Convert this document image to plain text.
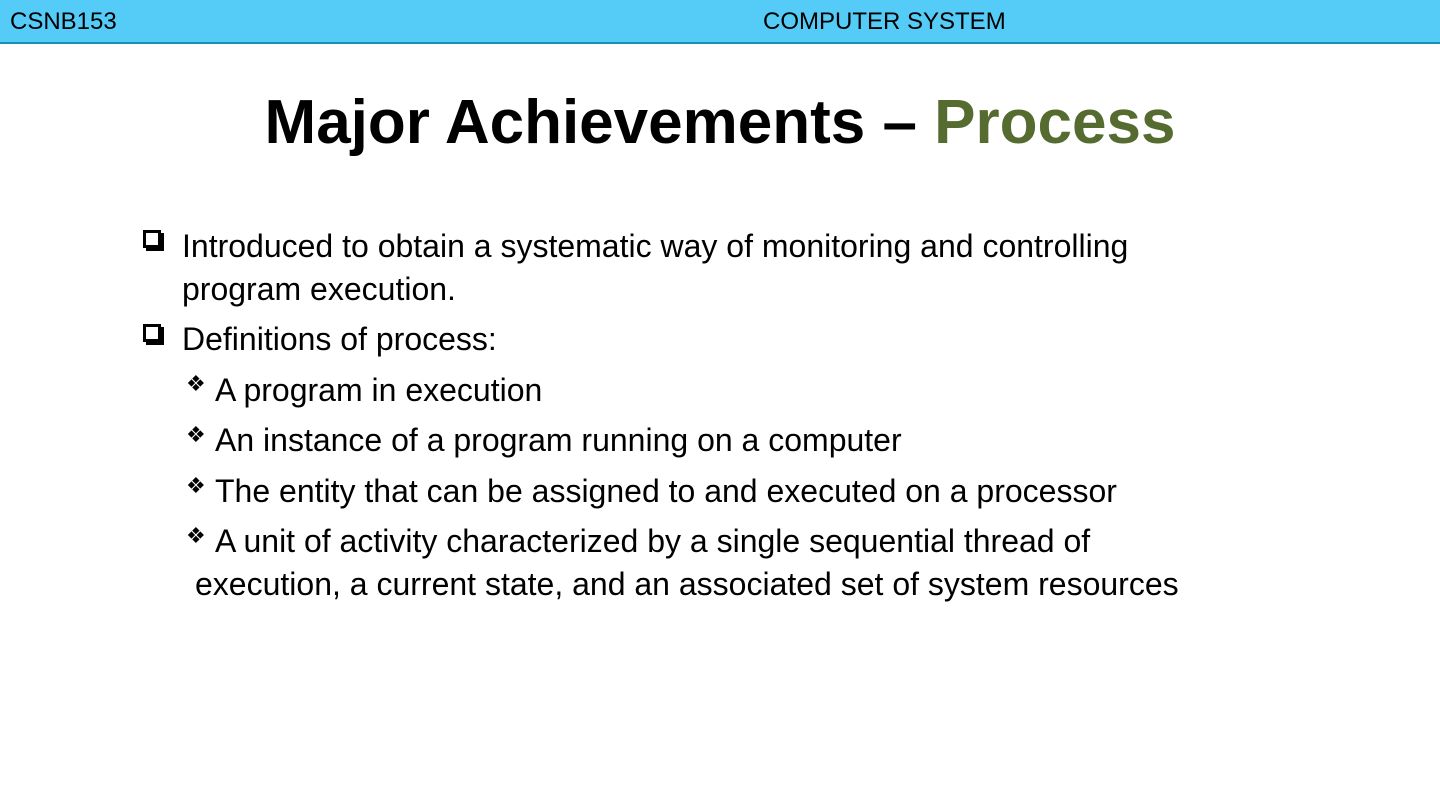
CSNB153	COMPUTER SYSTEM
Major Achievements – Process
Introduced to obtain a systematic way of monitoring and controlling
program execution.
Definitions of process:
❖ A program in execution
❖ An instance of a program running on a computer
❖ The entity that can be assigned to and executed on a processor
❖ A unit of activity characterized by a single sequential thread of
execution, a current state, and an associated set of system resources
